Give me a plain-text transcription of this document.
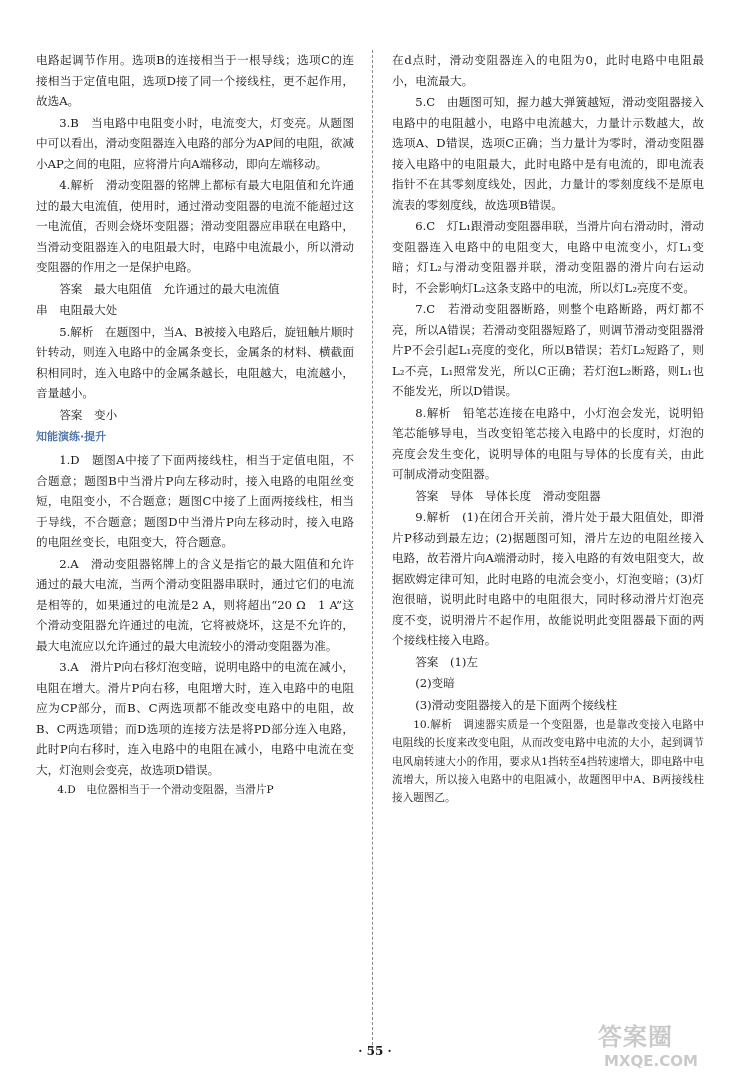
电路起调节作用。选项B的连接相当于一根导线；选项C的连接相当于定值电阻，选项D接了同一个接线柱，更不起作用，故选A。

3.B　当电路中电阻变小时，电流变大，灯变亮。从题图中可以看出，滑动变阻器连入电路的部分为AP间的电阻，欲减小AP之间的电阻，应将滑片向A端移动，即向左端移动。

4.解析　滑动变阻器的铭牌上都标有最大电阻值和允许通过的最大电流值，使用时，通过滑动变阻器的电流不能超过这一电流值，否则会烧坏变阻器；滑动变阻器应串联在电路中，当滑动变阻器连入的电阻最大时，电路中电流最小，所以滑动变阻器的作用之一是保护电路。

答案　最大电阻值　允许通过的最大电流值

串　电阻最大处

5.解析　在题图中，当A、B被接入电路后，旋钮触片顺时针转动，则连入电路中的金属条变长，金属条的材料、横截面积相同时，连入电路中的金属条越长，电阻越大，电流越小，音量越小。

答案　变小

知能演练·提升

1.D　题图A中接了下面两接线柱，相当于定值电阻，不合题意；题图B中当滑片P向左移动时，接入电路的电阻丝变短，电阻变小，不合题意；题图C中接了上面两接线柱，相当于导线，不合题意；题图D中当滑片P向左移动时，接入电路的电阻丝变长，电阻变大，符合题意。

2.A　滑动变阻器铭牌上的含义是指它的最大阻值和允许通过的最大电流，当两个滑动变阻器串联时，通过它们的电流是相等的，如果通过的电流是2 A，则将超出“20 Ω　1 A”这个滑动变阻器允许通过的电流，它将被烧坏，这是不允许的，最大电流应以允许通过的最大电流较小的滑动变阻器为准。

3.A　滑片P向右移灯泡变暗，说明电路中的电流在减小，电阻在增大。滑片P向右移，电阻增大时，连入电路中的电阻应为CP部分，而B、C两选项都不能改变电路中的电阻，故B、C两选项错；而D选项的连接方法是将PD部分连入电路，此时P向右移时，连入电路中的电阻在减小，电路中电流在变大，灯泡则会变亮，故选项D错误。

4.D　电位器相当于一个滑动变阻器，当滑片P

在d点时，滑动变阻器连入的电阻为0，此时电路中电阻最小，电流最大。

5.C　由题图可知，握力越大弹簧越短，滑动变阻器接入电路中的电阻越小，电路中电流越大，力量计示数越大，故选项A、D错误，选项C正确；当力量计为零时，滑动变阻器接入电路中的电阻最大，此时电路中是有电流的，即电流表指针不在其零刻度线处，因此，力量计的零刻度线不是原电流表的零刻度线，故选项B错误。

6.C　灯L₁跟滑动变阻器串联，当滑片向右滑动时，滑动变阻器连入电路中的电阻变大，电路中电流变小，灯L₁变暗；灯L₂与滑动变阻器并联，滑动变阻器的滑片向右运动时，不会影响灯L₂这条支路中的电流，所以灯L₂亮度不变。

7.C　若滑动变阻器断路，则整个电路断路，两灯都不亮，所以A错误；若滑动变阻器短路了，则调节滑动变阻器滑片P不会引起L₁亮度的变化，所以B错误；若灯L₂短路了，则L₂不亮，L₁照常发光，所以C正确；若灯泡L₂断路，则L₁也不能发光，所以D错误。

8.解析　铅笔芯连接在电路中，小灯泡会发光，说明铅笔芯能够导电，当改变铅笔芯接入电路中的长度时，灯泡的亮度会发生变化，说明导体的电阻与导体的长度有关，由此可制成滑动变阻器。

答案　导体　导体长度　滑动变阻器

9.解析　(1)在闭合开关前，滑片处于最大阻值处，即滑片P移动到最左边；(2)据题图可知，滑片左边的电阻丝接入电路，故若滑片向A端滑动时，接入电路的有效电阻变大，故据欧姆定律可知，此时电路的电流会变小，灯泡变暗；(3)灯泡很暗，说明此时电路中的电阻很大，同时移动滑片灯泡亮度不变，说明滑片不起作用，故能说明此变阻器最下面的两个接线柱接入电路。

答案　(1)左

(2)变暗

(3)滑动变阻器接入的是下面两个接线柱

10.解析　调速器实质是一个变阻器，也是靠改变接入电路中电阻线的长度来改变电阻，从而改变电路中电流的大小，起到调节电风扇转速大小的作用，要求从1挡转至4挡转速增大，即电路中电流增大，所以接入电路中的电阻减小，故题图甲中A、B两接线柱接入题图乙。

· 55 ·	答案圈
MXQE.COM
